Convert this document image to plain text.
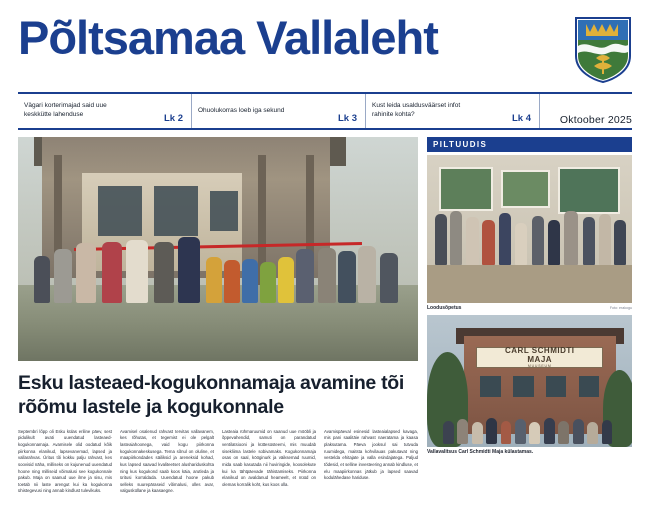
Põltsamaa Vallaleht
Vägari korterimajad said uue keskkütte lahenduse	Lk 2
Ohuolukorras loeb iga sekund
Lk 3
Kust leida usaldusväärset infot rahinite kohta?	Lk 4	Oktoober 2025
Esku lasteaed-kogukonnamaja avamine tõi rõõmu lastele ja kogukonnale

Septembri lõpp oli Esku külas eriline päev, sest pidulikult avati uuendatud lasteaed-kogukonnamaja. Avamisele olid oodatud kõik piirkonna elanikud, lapsevanemad, lapsed ja vallarahvas. Üritus tõi kokku palju rahvast, kes soovisid näha, milliseks on kujunenud uuendatud hoone ning milliseid võimalusi see kogukonnale pakub. Maja on saanud uue ilme ja sisu, mis toetab nii laste arengut kui ka kogukonna ühistegevusi ning annab kindlust tulevikuks.

Avamisel osalenud rahvast tervitas vallavanem, kes rõhutas, et tegemist ei ole pelgalt lasteaiahoonega, vaid kogu piirkonna kogukonnakeskusega. Tema sõnul on oluline, et maapiirkondades säiliksid ja areneksid kohad, kus lapsed saavad kvaliteetset alushariduskohta ning kus kogukond saab koos käia, arutleda ja üritusi korraldada. Uuendatud hoone pakub selleks suurepäraseid võimalusi, olles avar, valgusküllane ja kaasaegne.

Lasteaia rühmaruumid on saanud uue mööbli ja õppevahendid, samuti on parandatud ventilatsiooni ja küttesüsteemi, mis muudab sisekliima lastele sobivamaks. Kogukonnamaja osas on saal, kööginurk ja väiksemad ruumid, mida saab kasutada nii huviringide, koosolekute kui ka tähtpäevade tähistamiseks. Piirkonna elanikud on avaldanud heameelt, et nüüd on olemas korralik koht, kus koos olla.

Avamispäeval esinesid lasteaialapsed kavaga, mis pani saalitäie rahvast naeratama ja kaasa plaksutama. Päeva jooksul sai tutvuda ruumidega, maitsta kohvilauas pakutavat ning vestelda ehitajate ja valla esindajatega. Paljud tõdesid, et selline investeering annab kindluse, et elu maapiirkonnas jätkub ja lapsed saavad kodulähedase hariduse.

PILTUUDIS
Loodusõpetus	Foto: erakogu
CARL SCHMIDTI
MAJA
MUUSEUM
Vallavalitsus Carl Schmidti Maja külastamas.
